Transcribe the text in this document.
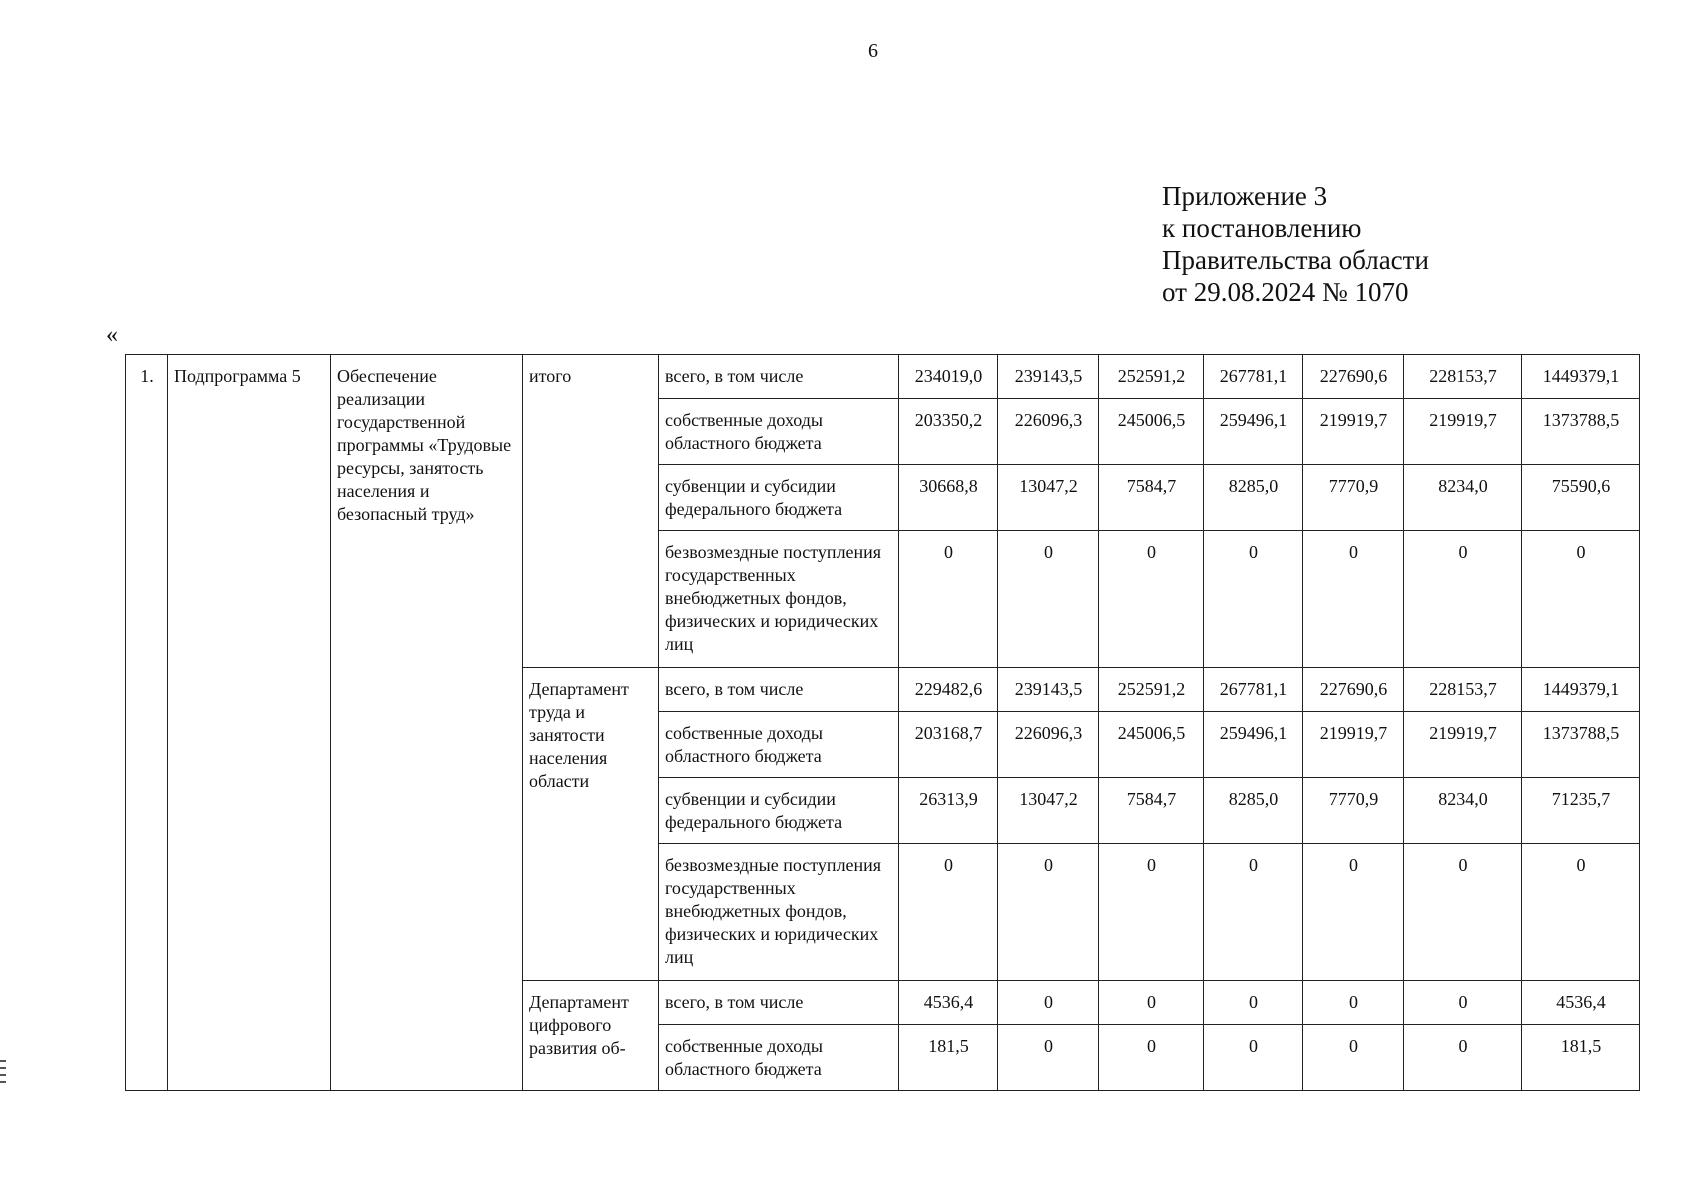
6
Приложение 3
к постановлению
Правительства области
от 29.08.2024 № 1070
«
1.	Подпрограмма 5	Обеспечение реализации государственной программы «Трудовые ресурсы, занятость населения и безопасный труд»	итого	всего, в том числе	234019,0	239143,5	252591,2	267781,1	227690,6	228153,7	1449379,1
				собственные доходы областного бюджета	203350,2	226096,3	245006,5	259496,1	219919,7	219919,7	1373788,5
				субвенции и субсидии федерального бюджета	30668,8	13047,2	7584,7	8285,0	7770,9	8234,0	75590,6
				безвозмездные поступления государственных внебюджетных фондов, физических и юридических лиц	0	0	0	0	0	0	0
			Департамент труда и занятости населения области	всего, в том числе	229482,6	239143,5	252591,2	267781,1	227690,6	228153,7	1449379,1
				собственные доходы областного бюджета	203168,7	226096,3	245006,5	259496,1	219919,7	219919,7	1373788,5
				субвенции и субсидии федерального бюджета	26313,9	13047,2	7584,7	8285,0	7770,9	8234,0	71235,7
				безвозмездные поступления государственных внебюджетных фондов, физических и юридических лиц	0	0	0	0	0	0	0
			Департамент цифрового развития об-	всего, в том числе	4536,4	0	0	0	0	0	4536,4
				собственные доходы областного бюджета	181,5	0	0	0	0	0	181,5
